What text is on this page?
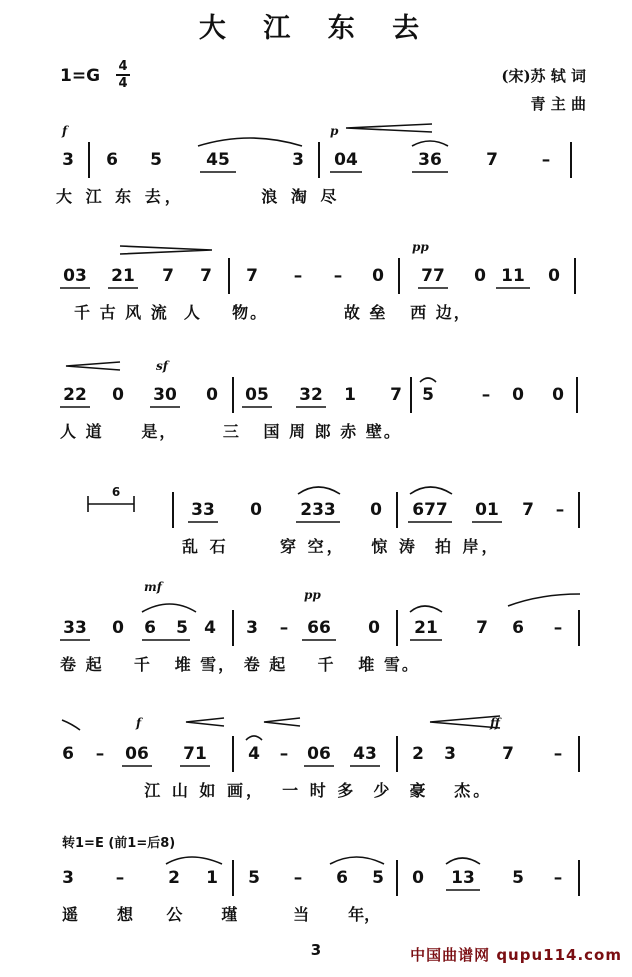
大 江 东 去
1=G 4
4	(宋)苏 轼 词
青 主 曲
3 6 5	45	3 04	36	7	–
f	p
大 江 东 去，        浪 淘 尽
03 21 7 7 7 – – 0 77 0 11	0
pp
千 古 风 流  人    物。          故 垒   西 边，
22 0 30 0 05 32 1 7 5	– 0 0
sf
人 道     是，      三   国 周 郎 赤 壁。
6
33 0 233 0 677 01 7 –
乱 石      穿 空，   惊 涛  拍 岸，
33 0 6 5 4 3 –	66	0 21 7 6 –
mf
pp
卷 起    千   堆 雪， 卷 起    千   堆 雪。
6 – 06 71 4 – 06 43 2 3	7 –
f	ff
江 山 如 画，  一 时 多  少  豪   杰。
转1=E (前1=后8)
3 –	2 1 5 – 6 5 0	13	5 –
遥       想      公       瑾          当       年，
3	中国曲谱网 qupu114.com
